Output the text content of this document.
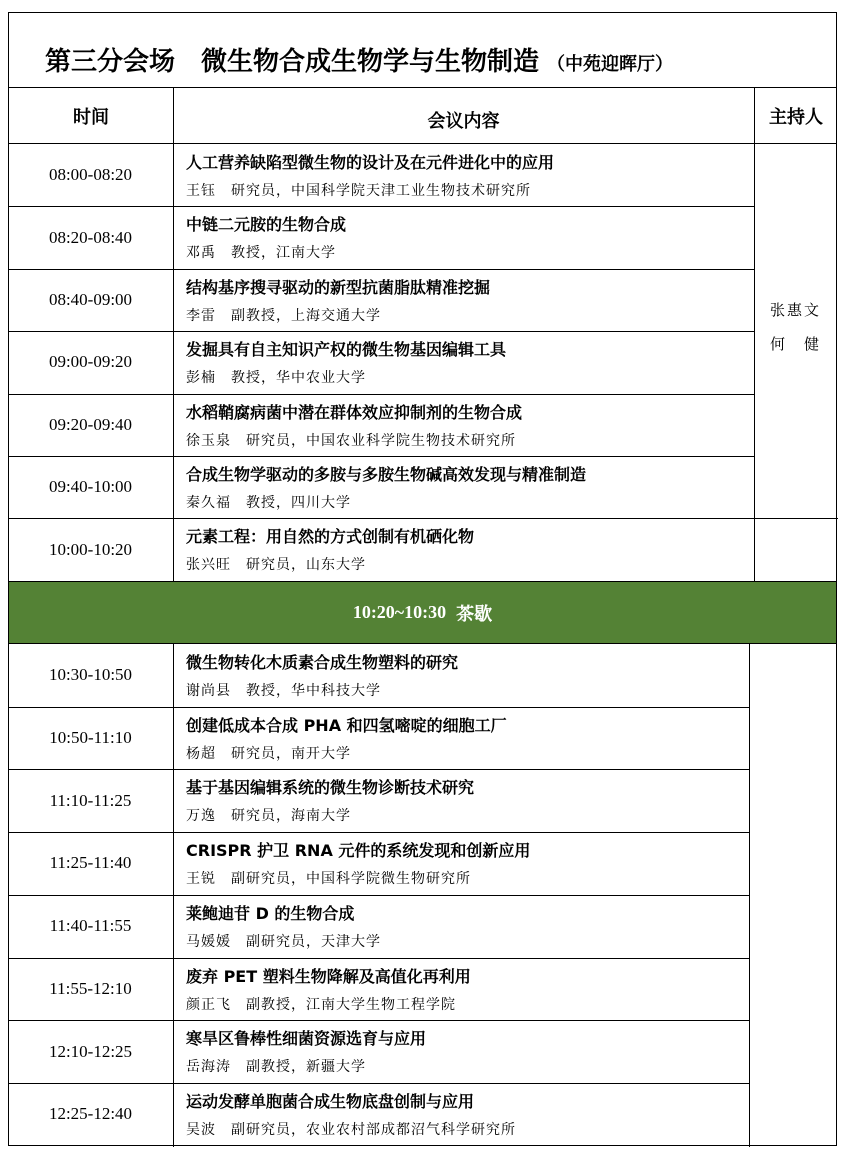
第三分会场　微生物合成生物学与生物制造 （中苑迎晖厅）
时间	会议内容	主持人
08:00-08:20
人工营养缺陷型微生物的设计及在元件进化中的应用
王钰　研究员，中国科学院天津工业生物技术研究所
08:20-08:40
中链二元胺的生物合成
邓禹　教授，江南大学
08:40-09:00
结构基序搜寻驱动的新型抗菌脂肽精准挖掘
李雷　副教授，上海交通大学
09:00-09:20
发掘具有自主知识产权的微生物基因编辑工具
彭楠　教授，华中农业大学
09:20-09:40
水稻鞘腐病菌中潜在群体效应抑制剂的生物合成
徐玉泉　研究员，中国农业科学院生物技术研究所
09:40-10:00
合成生物学驱动的多胺与多胺生物碱高效发现与精准制造
秦久福　教授，四川大学
10:00-10:20
元素工程：用自然的方式创制有机硒化物
张兴旺　研究员，山东大学
10:30-10:50
微生物转化木质素合成生物塑料的研究
谢尚县　教授，华中科技大学
10:50-11:10
创建低成本合成 PHA 和四氢嘧啶的细胞工厂
杨超　研究员，南开大学
11:10-11:25
基于基因编辑系统的微生物诊断技术研究
万逸　研究员，海南大学
11:25-11:40
CRISPR 护卫 RNA 元件的系统发现和创新应用
王锐　副研究员，中国科学院微生物研究所
11:40-11:55
莱鲍迪苷 D 的生物合成
马媛媛　副研究员，天津大学
11:55-12:10
废弃 PET 塑料生物降解及高值化再利用
颜正飞　副教授，江南大学生物工程学院
12:10-12:25
寒旱区鲁棒性细菌资源选育与应用
岳海涛　副教授，新疆大学
12:25-12:40
运动发酵单胞菌合成生物底盘创制与应用
吴波　副研究员，农业农村部成都沼气科学研究所
10:20~10:30 茶歇
张惠文
何　健
